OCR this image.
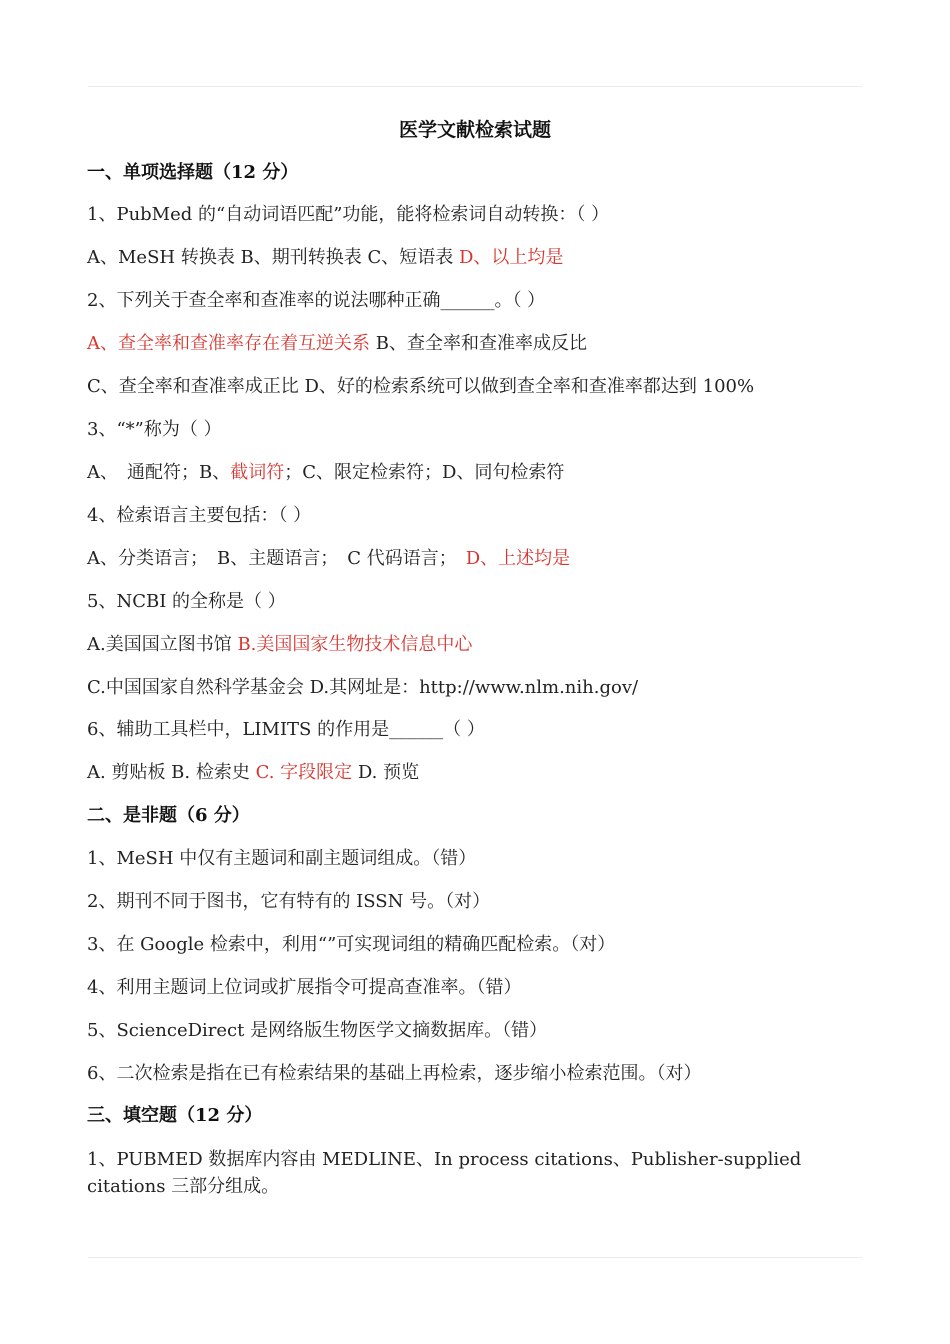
医学文献检索试题
一、单项选择题（12 分）
1、PubMed 的“自动词语匹配”功能，能将检索词自动转换：（ ）
A、MeSH 转换表 B、期刊转换表 C、短语表 D、以上均是
2、下列关于查全率和查准率的说法哪种正确______。（ ）
A、查全率和查准率存在着互逆关系 B、查全率和查准率成反比
C、查全率和查准率成正比 D、好的检索系统可以做到查全率和查准率都达到 100%
3、“*”称为（ ）
A、　通配符；B、截词符；C、限定检索符；D、同句检索符
4、检索语言主要包括：（ ）
A、分类语言；　B、主题语言；　C 代码语言；　D、上述均是
5、NCBI 的全称是（ ）
A.美国国立图书馆 B.美国国家生物技术信息中心
C.中国国家自然科学基金会 D.其网址是：http://www.nlm.nih.gov/
6、辅助工具栏中，LIMITS 的作用是______（ ）
A. 剪贴板 B. 检索史 C. 字段限定 D. 预览
二、是非题（6 分）
1、MeSH 中仅有主题词和副主题词组成。（错）
2、期刊不同于图书，它有特有的 ISSN 号。（对）
3、在 Google 检索中，利用“”可实现词组的精确匹配检索。（对）
4、利用主题词上位词或扩展指令可提高查准率。（错）
5、ScienceDirect 是网络版生物医学文摘数据库。（错）
6、二次检索是指在已有检索结果的基础上再检索，逐步缩小检索范围。（对）
三、填空题（12 分）
1、PUBMED 数据库内容由 MEDLINE、In process citations、Publisher-supplied citations 三部分组成。
